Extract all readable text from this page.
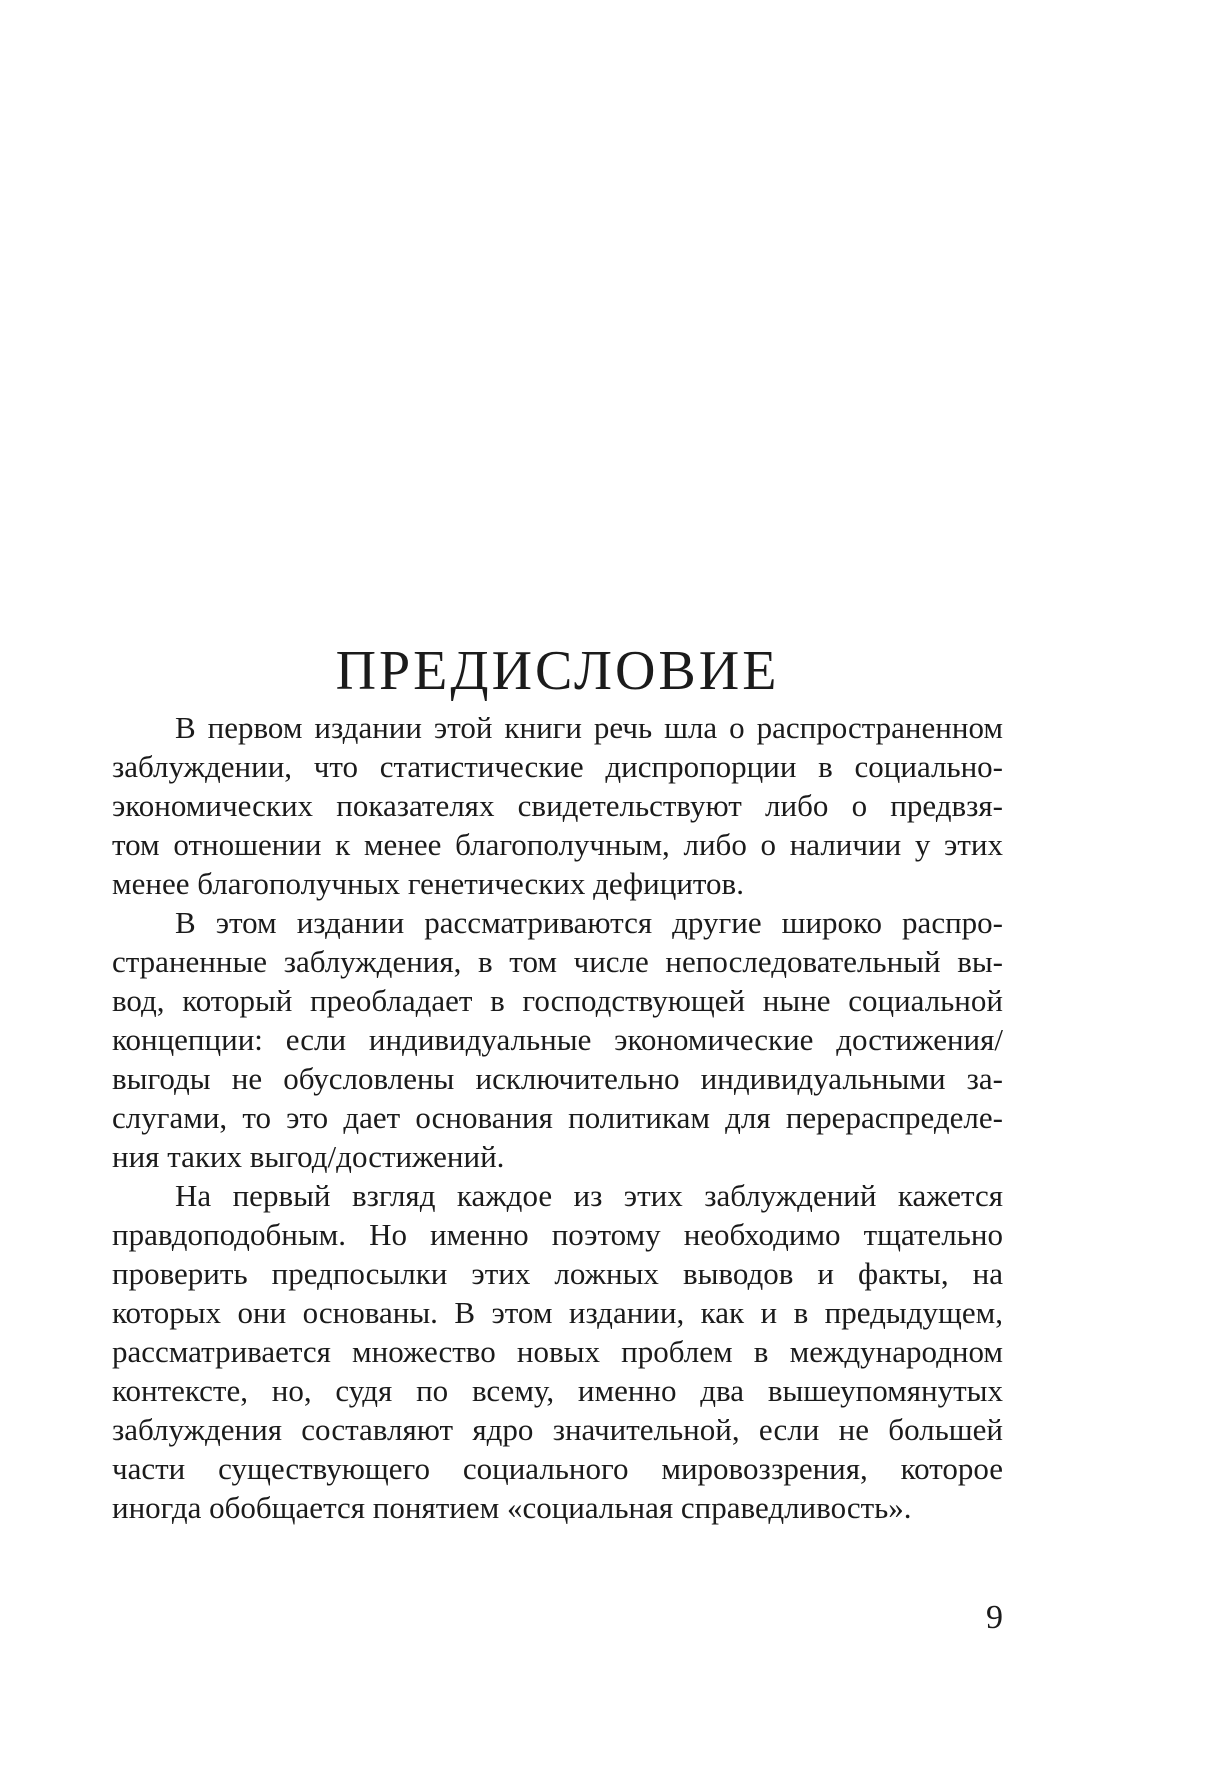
ПРЕДИСЛОВИЕ
В первом издании этой книги речь шла о распространенном
заблуждении, что статистические диспропорции в социально-
экономических показателях свидетельствуют либо о предвзя-
том отношении к менее благополучным, либо о наличии у этих
менее благополучных генетических дефицитов.
В этом издании рассматриваются другие широко распро-
страненные заблуждения, в том числе непоследовательный вы-
вод, который преобладает в господствующей ныне социальной
концепции: если индивидуальные экономические достижения/
выгоды не обусловлены исключительно индивидуальными за-
слугами, то это дает основания политикам для перераспределе-
ния таких выгод/достижений.
На первый взгляд каждое из этих заблуждений кажется
правдоподобным. Но именно поэтому необходимо тщательно
проверить предпосылки этих ложных выводов и факты, на
которых они основаны. В этом издании, как и в предыдущем,
рассматривается множество новых проблем в международном
контексте, но, судя по всему, именно два вышеупомянутых
заблуждения составляют ядро значительной, если не большей
части существующего социального мировоззрения, которое
иногда обобщается понятием «социальная справедливость».
9
